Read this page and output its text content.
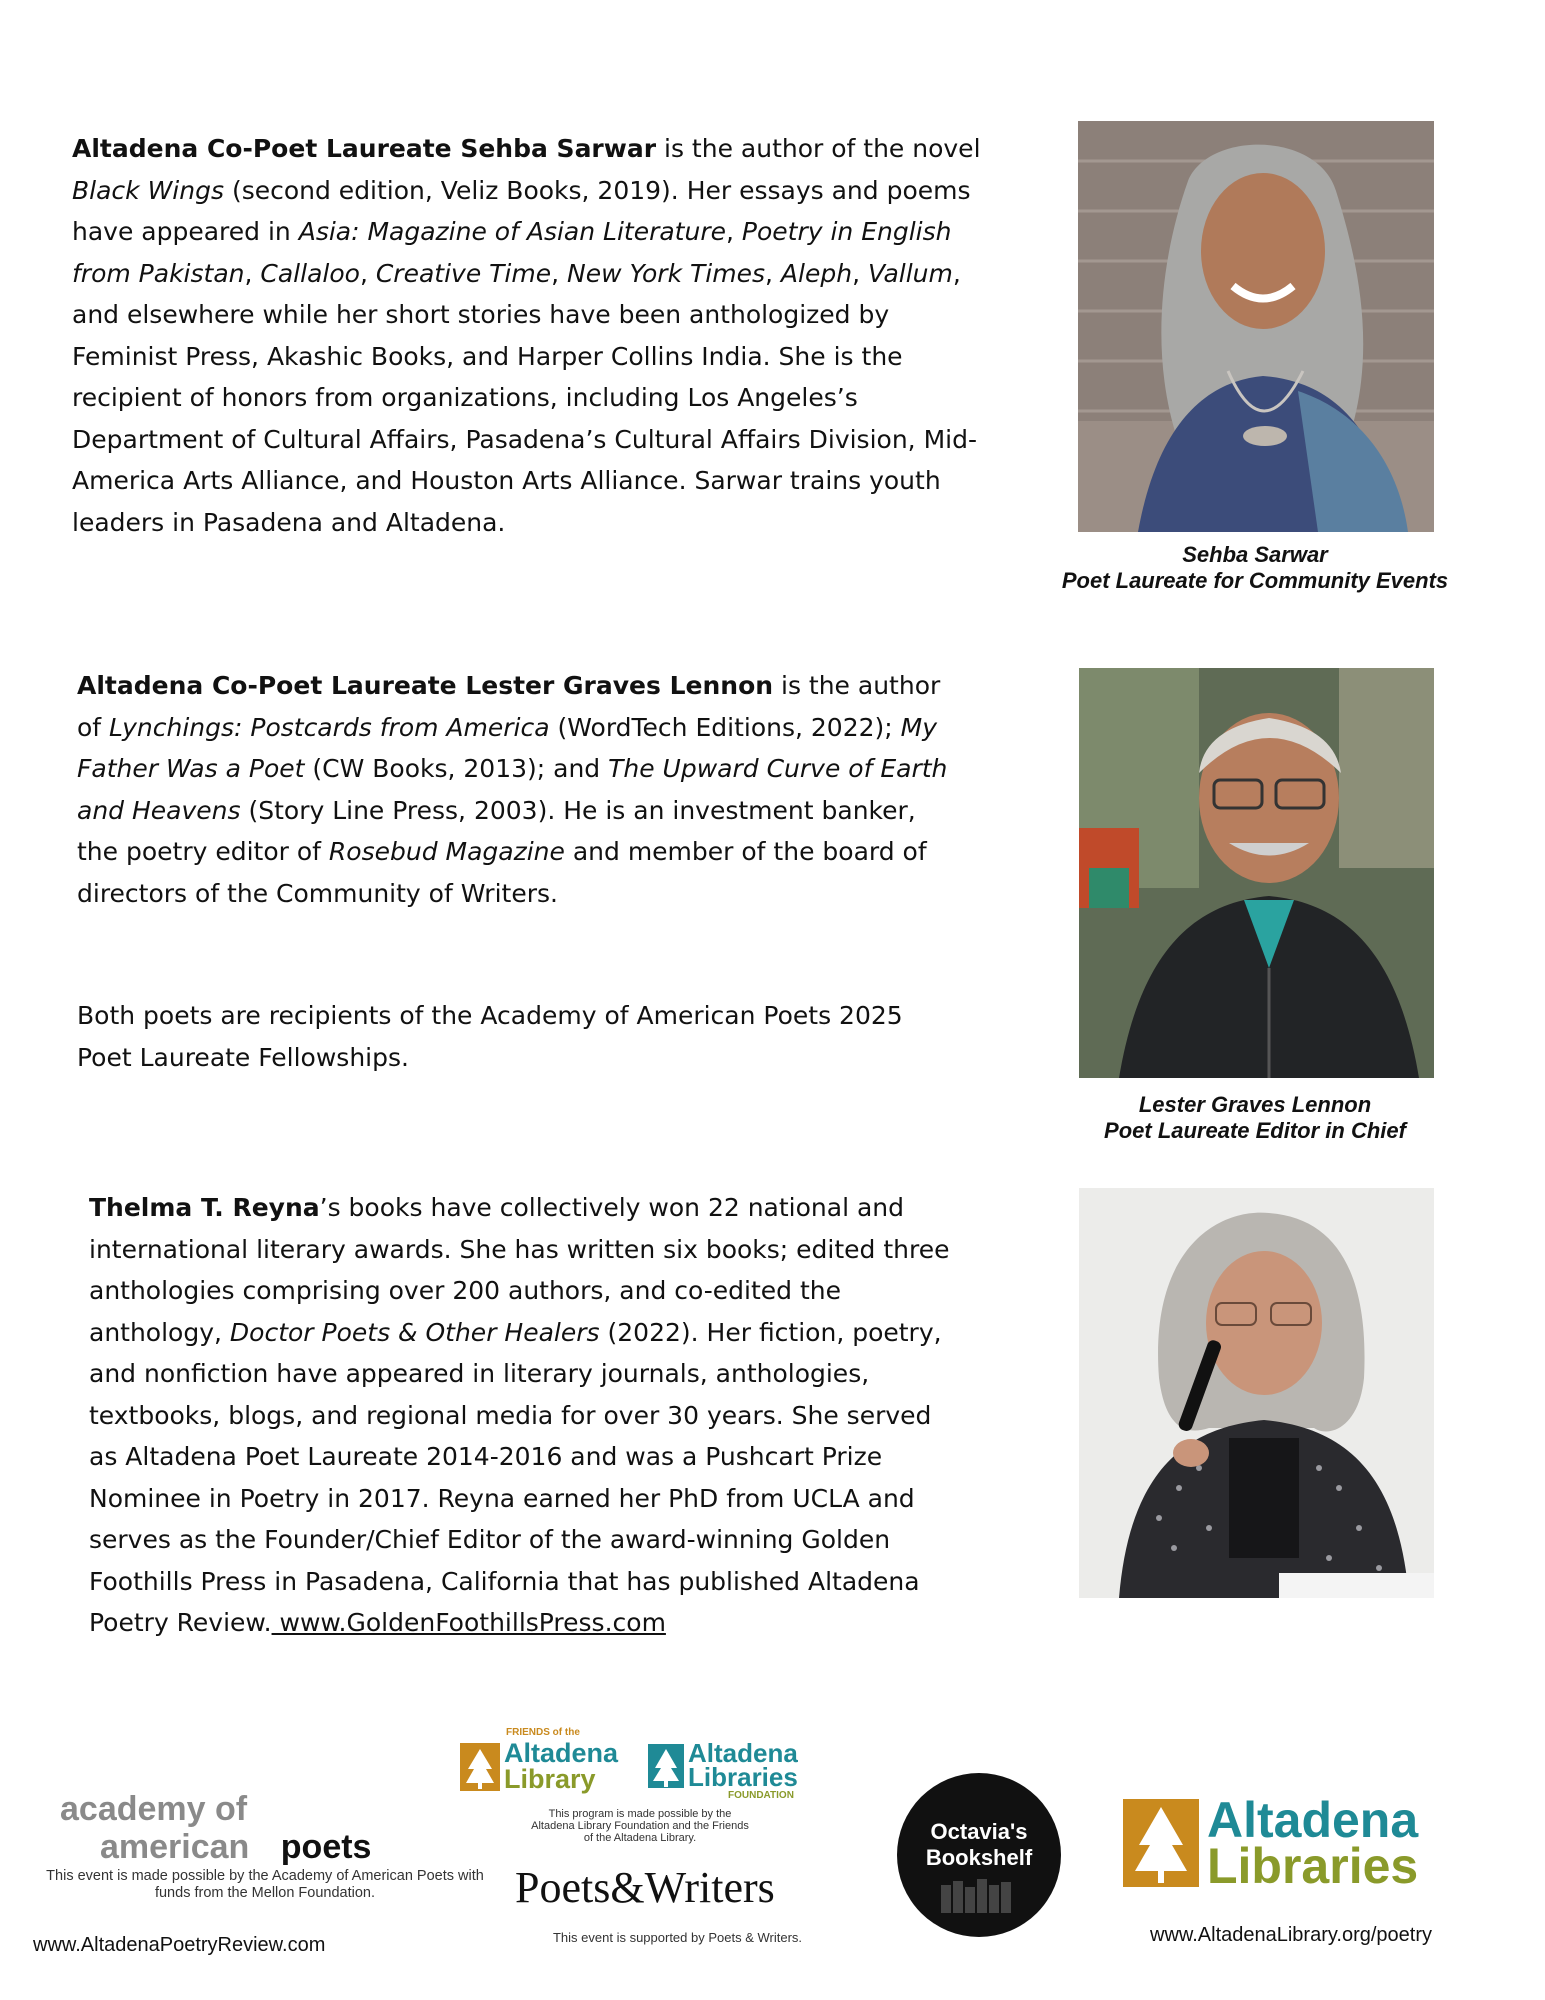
Altadena Co-Poet Laureate Sehba Sarwar is the author of the novel Black Wings (second edition, Veliz Books, 2019). Her essays and poems have appeared in Asia: Magazine of Asian Literature, Poetry in English from Pakistan, Callaloo, Creative Time, New York Times, Aleph, Vallum, and elsewhere while her short stories have been anthologized by Feminist Press, Akashic Books, and Harper Collins India. She is the recipient of honors from organizations, including Los Angeles’s Department of Cultural Affairs, Pasadena’s Cultural Affairs Division, Mid-America Arts Alliance, and Houston Arts Alliance. Sarwar trains youth leaders in Pasadena and Altadena.
Sehba Sarwar
Poet Laureate for Community Events
Altadena Co-Poet Laureate Lester Graves Lennon is the author of Lynchings: Postcards from America (WordTech Editions, 2022); My Father Was a Poet (CW Books, 2013); and The Upward Curve of Earth and Heavens (Story Line Press, 2003). He is an investment banker, the poetry editor of Rosebud Magazine and member of the board of directors of the Community of Writers.
Both poets are recipients of the Academy of American Poets 2025 Poet Laureate Fellowships.
Lester Graves Lennon
Poet Laureate Editor in Chief
Thelma T. Reyna’s books have collectively won 22 national and international literary awards. She has written six books; edited three anthologies comprising over 200 authors, and co-edited the anthology, Doctor Poets & Other Healers (2022). Her fiction, poetry, and nonfiction have appeared in literary journals, anthologies, textbooks, blogs, and regional media for over 30 years. She served as Altadena Poet Laureate 2014-2016 and was a Pushcart Prize Nominee in Poetry in 2017. Reyna earned her PhD from UCLA and serves as the Founder/Chief Editor of the award-winning Golden Foothills Press in Pasadena, California that has published Altadena Poetry Review. www.GoldenFoothillsPress.com
academy of
american poets
This event is made possible by the Academy of American Poets with funds from the Mellon Foundation.
www.AltadenaPoetryReview.com
FRIENDS of the
Altadena
Library
Altadena
Libraries
FOUNDATION
This program is made possible by the Altadena Library Foundation and the Friends of the Altadena Library.
Poets&Writers
This event is supported by Poets & Writers.
Octavia's
Bookshelf
Altadena
Libraries
www.AltadenaLibrary.org/poetry
